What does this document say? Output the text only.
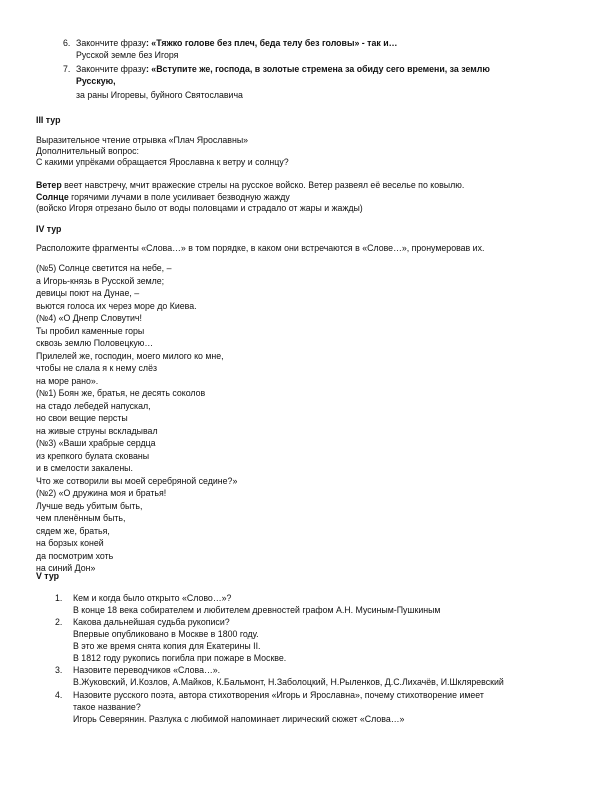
6. Закончите фразу: «Тяжко голове без плеч, беда телу без головы» - так и…
Русской земле без Игоря
7. Закончите фразу: «Вступите же, господа, в золотые стремена за обиду сего времени, за землю
Русскую,
за раны Игоревы, буйного Святославича
III тур
Выразительное чтение отрывка «Плач Ярославны»
Дополнительный вопрос:
С какими упрёками обращается Ярославна к ветру и солнцу?
Ветер веет навстречу, мчит вражеские стрелы на русское войско. Ветер развеял её веселье по ковылю.
Солнце горячими лучами в поле усиливает безводную жажду
(войско Игоря отрезано было от воды половцами и страдало от жары и жажды)
IV тур
Расположите фрагменты «Слова…» в том порядке, в каком они встречаются в «Слове…», пронумеровав их.
(№5) Солнце светится на небе, –
а Игорь-князь в Русской земле;
девицы поют на Дунае, –
вьются голоса их через море до Киева.
(№4) «О Днепр Словутич!
Ты пробил каменные горы
сквозь землю Половецкую…
Прилелей же, господин, моего милого ко мне,
чтобы не слала я к нему слёз
на море рано».
(№1) Боян же, братья, не десять соколов
на стадо лебедей напускал,
но свои вещие персты
на живые струны вскладывал
(№3) «Ваши храбрые сердца
из крепкого булата скованы
и в смелости закалены.
Что же сотворили вы моей серебряной седине?»
(№2) «О дружина моя и братья!
Лучше ведь убитым быть,
чем пленённым быть,
сядем же, братья,
на борзых коней
да посмотрим хоть
на синий Дон»
V тур
1. Кем и когда было открыто «Слово…»?
В конце 18 века собирателем и любителем древностей графом А.Н. Мусиным-Пушкиным
2. Какова дальнейшая судьба рукописи?
Впервые опубликовано в Москве в 1800 году.
В это же время снята копия для Екатерины II.
В 1812 году рукопись погибла при пожаре в Москве.
3. Назовите переводчиков «Слова…».
В.Жуковский, И.Козлов, А.Майков, К.Бальмонт, Н.Заболоцкий, Н.Рыленков, Д.С.Лихачёв, И.Шкляревский
4. Назовите русского поэта, автора стихотворения «Игорь и Ярославна», почему стихотворение имеет
такое название?
Игорь Северянин. Разлука с любимой напоминает лирический сюжет «Слова…»
